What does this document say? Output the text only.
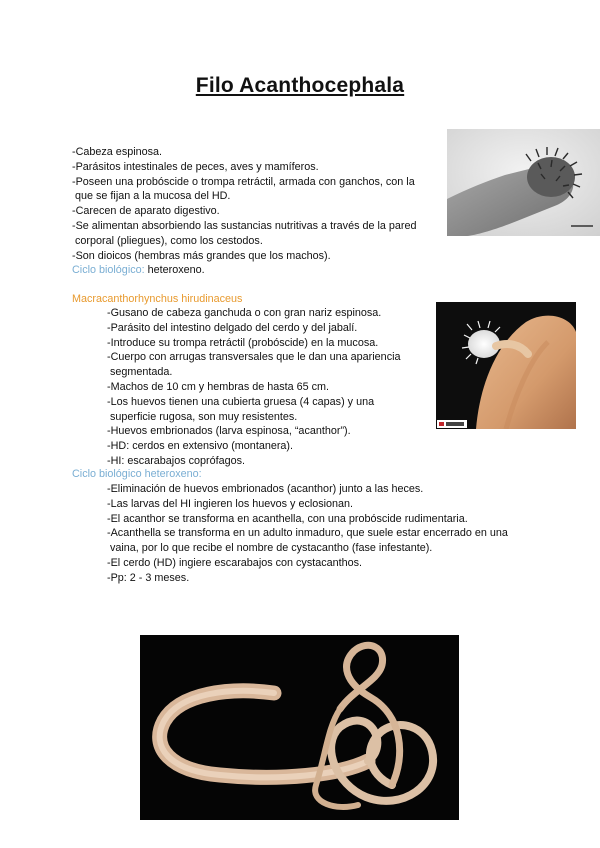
Filo Acanthocephala
-Cabeza espinosa.
-Parásitos intestinales de peces, aves y mamíferos.
-Poseen una probóscide o trompa retráctil, armada con ganchos, con la
que se fijan a la mucosa del HD.
-Carecen de aparato digestivo.
-Se alimentan absorbiendo las sustancias nutritivas a través de la pared
corporal (pliegues), como los cestodos.
-Son dioicos (hembras más grandes que los machos).
Ciclo biológico: heteroxeno.
Macracanthorhynchus hirudinaceus
-Gusano de cabeza ganchuda o con gran nariz espinosa.
-Parásito del intestino delgado del cerdo y del jabalí.
-Introduce su trompa retráctil (probóscide) en la mucosa.
-Cuerpo con arrugas transversales que le dan una apariencia
segmentada.
-Machos de 10 cm y hembras de hasta 65 cm.
-Los huevos tienen una cubierta gruesa (4 capas) y una
superficie rugosa, son muy resistentes.
-Huevos embrionados (larva espinosa, “acanthor”).
-HD: cerdos en extensivo (montanera).
-HI: escarabajos coprófagos.
Ciclo biológico heteroxeno:
-Eliminación de huevos embrionados (acanthor) junto a las heces.
-Las larvas del HI ingieren los huevos y eclosionan.
-El acanthor se transforma en acanthella, con una probóscide rudimentaria.
-Acanthella se transforma en un adulto inmaduro, que suele estar encerrado en una
vaina, por lo que recibe el nombre de cystacantho (fase infestante).
-El cerdo (HD) ingiere escarabajos con cystacanthos.
-Pp: 2 - 3 meses.
